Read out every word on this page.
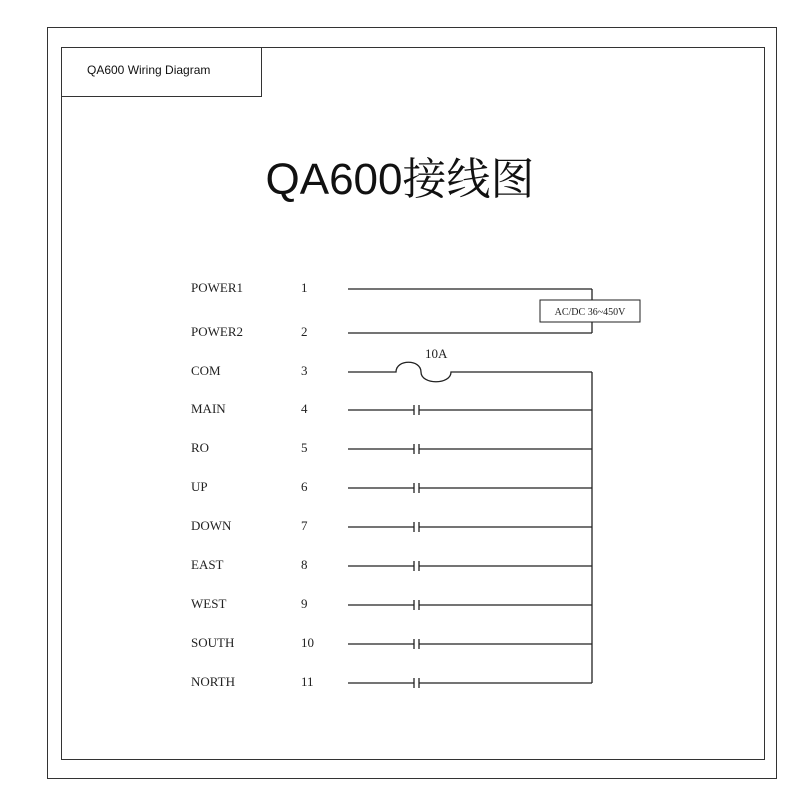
QA600 Wiring Diagram
QA600接线图
AC/DC 36~450V
10A
POWER1	1
POWER2	2
COM	3
MAIN	4
RO	5
UP	6
DOWN	7
EAST	8
WEST	9
SOUTH	10
NORTH	11
